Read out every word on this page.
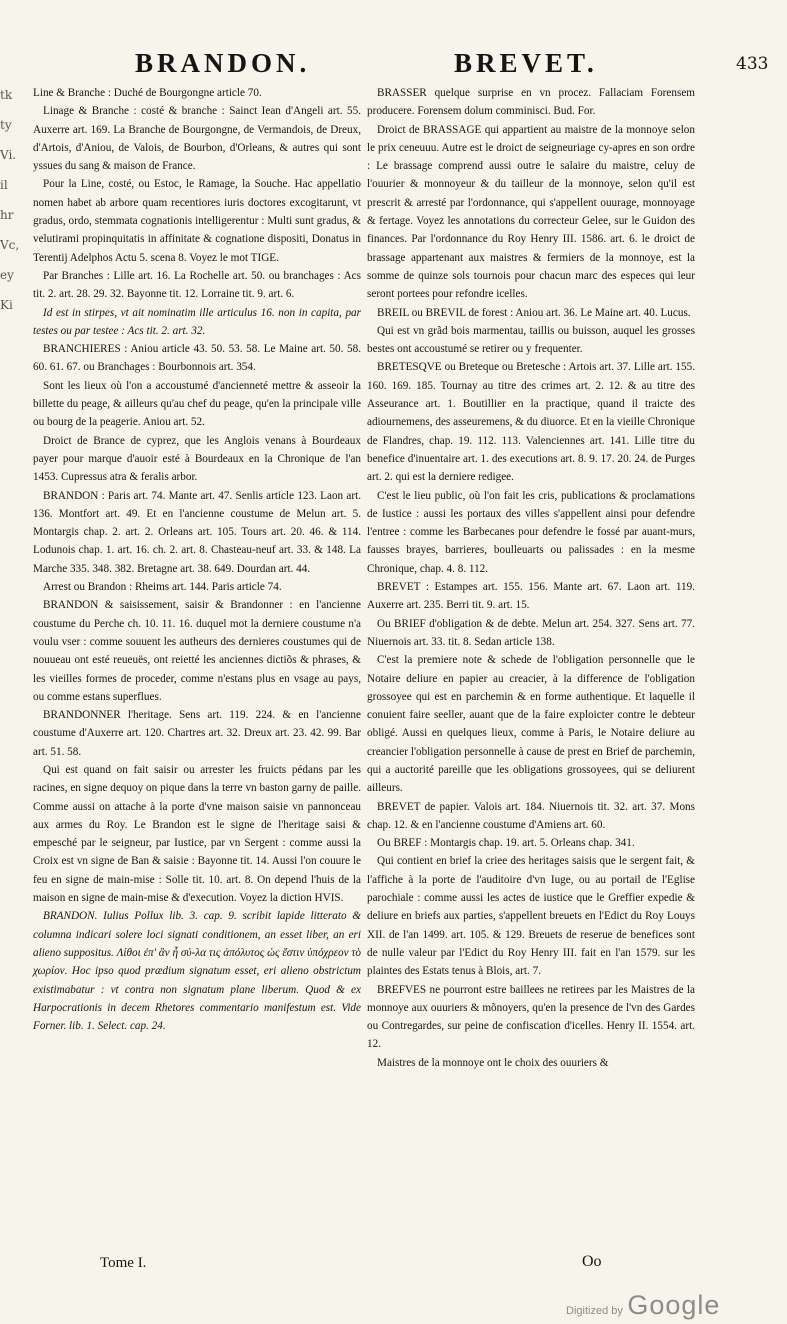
tk
ty
Vi.
il
hr
Vc,
ey
Ki
BRANDON.	BREVET.	433

Line & Branche : Duché de Bourgongne article 70.

Linage & Branche : costé & branche : Sainct Iean d'Angeli art. 55. Auxerre art. 169. La Branche de Bourgongne, de Vermandois, de Dreux, d'Artois, d'Aniou, de Valois, de Bourbon, d'Orleans, & autres qui sont yssues du sang & maison de France.

Pour la Line, costé, ou Estoc, le Ramage, la Souche. Hac appellatio nomen habet ab arbore quam recentiores iuris doctores excogitarunt, vt gradus, ordo, stemmata cognationis intelligerentur : Multi sunt gradus, & velutirami propinquitatis in affinitate & cognatione dispositi, Donatus in Terentij Adelphos Actu 5. scena 8. Voyez le mot TIGE.

Par Branches : Lille art. 16. La Rochelle art. 50. ou branchages : Acs tit. 2. art. 28. 29. 32. Bayonne tit. 12. Lorraine tit. 9. art. 6.

Id est in stirpes, vt ait nominatim ille articulus 16. non in capita, par testes ou par testee : Acs tit. 2. art. 32.

BRANCHIERES : Aniou article 43. 50. 53. 58. Le Maine art. 50. 58. 60. 61. 67. ou Branchages : Bourbonnois art. 354.

Sont les lieux où l'on a accoustumé d'ancienneté mettre & asseoir la billette du peage, & ailleurs qu'au chef du peage, qu'en la principale ville ou bourg de la peagerie. Aniou art. 52.

Droict de Brance de cyprez, que les Anglois venans à Bourdeaux payer pour marque d'auoir esté à Bourdeaux en la Chronique de l'an 1453. Cupressus atra & feralis arbor.

BRANDON : Paris art. 74. Mante art. 47. Senlis article 123. Laon art. 136. Montfort art. 49. Et en l'ancienne coustume de Melun art. 5. Montargis chap. 2. art. 2. Orleans art. 105. Tours art. 20. 46. & 114. Lodunois chap. 1. art. 16. ch. 2. art. 8. Chasteau-neuf art. 33. & 148. La Marche 335. 348. 382. Bretagne art. 38. 649. Dourdan art. 44.

Arrest ou Brandon : Rheims art. 144. Paris article 74.

BRANDON & saisissement, saisir & Brandonner : en l'ancienne coustume du Perche ch. 10. 11. 16. duquel mot la derniere coustume n'a voulu vser : comme souuent les autheurs des dernieres coustumes qui de nouueau ont esté reueuës, ont reietté les anciennes dictiõs & phrases, & les vieilles formes de proceder, comme n'estans plus en vsage au pays, ou comme estans superflues.

BRANDONNER l'heritage. Sens art. 119. 224. & en l'ancienne coustume d'Auxerre art. 120. Chartres art. 32. Dreux art. 23. 42. 99. Bar art. 51. 58.

Qui est quand on fait saisir ou arrester les fruicts pédans par les racines, en signe dequoy on pique dans la terre vn baston garny de paille. Comme aussi on attache à la porte d'vne maison saisie vn pannonceau aux armes du Roy. Le Brandon est le signe de l'heritage saisi & empesché par le seigneur, par Iustice, par vn Sergent : comme aussi la Croix est vn signe de Ban & saisie : Bayonne tit. 14. Aussi l'on couure le feu en signe de main-mise : Solle tit. 10. art. 8. On depend l'huis de la maison en signe de main-mise & d'execution. Voyez la diction HVIS.

BRANDON. Iulius Pollux lib. 3. cap. 9. scribit lapide litterato & columna indicari solere loci signati conditionem, an esset liber, an eri alieno suppositus. Λίθοι ἐπ' ἂν ἦ σύ-λα τις ἀπόλυτος ὡς ἔστιν ὑπόχρεον τὸ χωρίον. Hoc ipso quod prædium signatum esset, eri alieno obstrictum existimabatur : vt contra non signatum plane liberum. Quod & ex Harpocrationis in decem Rhetores commentario manifestum est. Vide Forner. lib. 1. Select. cap. 24.

BRASSER quelque surprise en vn procez. Fallaciam Forensem producere. Forensem dolum comminisci. Bud. For.

Droict de BRASSAGE qui appartient au maistre de la monnoye selon le prix ceneuuu. Autre est le droict de seigneuriage cy-apres en son ordre : Le brassage comprend aussi outre le salaire du maistre, celuy de l'ouurier & monnoyeur & du tailleur de la monnoye, selon qu'il est prescrit & arresté par l'ordonnance, qui s'appellent ouurage, monnoyage & fertage. Voyez les annotations du correcteur Gelee, sur le Guidon des finances. Par l'ordonnance du Roy Henry III. 1586. art. 6. le droict de brassage appartenant aux maistres & fermiers de la monnoye, est la somme de quinze sols tournois pour chacun marc des especes qui leur seront portees pour refondre icelles.

BREIL ou BREVIL de forest : Aniou art. 36. Le Maine art. 40. Lucus.

Qui est vn grãd bois marmentau, taillis ou buisson, auquel les grosses bestes ont accoustumé se retirer ou y frequenter.

BRETESQVE ou Breteque ou Bretesche : Artois art. 37. Lille art. 155. 160. 169. 185. Tournay au titre des crimes art. 2. 12. & au titre des Asseurance art. 1. Boutillier en la practique, quand il traicte des adiournemens, des asseuremens, & du diuorce. Et en la vieille Chronique de Flandres, chap. 19. 112. 113. Valenciennes art. 141. Lille titre du benefice d'inuentaire art. 1. des executions art. 8. 9. 17. 20. 24. de Purges art. 2. qui est la derniere redigee.

C'est le lieu public, où l'on fait les cris, publications & proclamations de Iustice : aussi les portaux des villes s'appellent ainsi pour defendre l'entree : comme les Barbecanes pour defendre le fossé par auant-murs, fausses brayes, barrieres, boulleuarts ou palissades : en la mesme Chronique, chap. 4. 8. 112.

BREVET : Estampes art. 155. 156. Mante art. 67. Laon art. 119. Auxerre art. 235. Berri tit. 9. art. 15.

Ou BRIEF d'obligation & de debte. Melun art. 254. 327. Sens art. 77. Niuernois art. 33. tit. 8. Sedan article 138.

C'est la premiere note & schede de l'obligation personnelle que le Notaire deliure en papier au creacier, à la difference de l'obligation grossoyee qui est en parchemin & en forme authentique. Et laquelle il conuient faire seeller, auant que de la faire exploicter contre le debteur obligé. Aussi en quelques lieux, comme à Paris, le Notaire deliure au creancier l'obligation personnelle à cause de prest en Brief de parchemin, qui a auctorité pareille que les obligations grossoyees, qui se deliurent ailleurs.

BREVET de papier. Valois art. 184. Niuernois tit. 32. art. 37. Mons chap. 12. & en l'ancienne coustume d'Amiens art. 60.

Ou BREF : Montargis chap. 19. art. 5. Orleans chap. 341.

Qui contient en brief la criee des heritages saisis que le sergent fait, & l'affiche à la porte de l'auditoire d'vn Iuge, ou au portail de l'Eglise parochiale : comme aussi les actes de iustice que le Greffier expedie & deliure en briefs aux parties, s'appellent breuets en l'Edict du Roy Louys XII. de l'an 1499. art. 105. & 129. Breuets de reserue de benefices sont de nulle valeur par l'Edict du Roy Henry III. fait en l'an 1579. sur les plaintes des Estats tenus à Blois, art. 7.

BREFVES ne pourront estre baillees ne retirees par les Maistres de la monnoye aux ouuriers & mõnoyers, qu'en la presence de l'vn des Gardes ou Contregardes, sur peine de confiscation d'icelles. Henry II. 1554. art. 12.

Maistres de la monnoye ont le choix des ouuriers &

Tome I.	Oo
Digitized by Google
